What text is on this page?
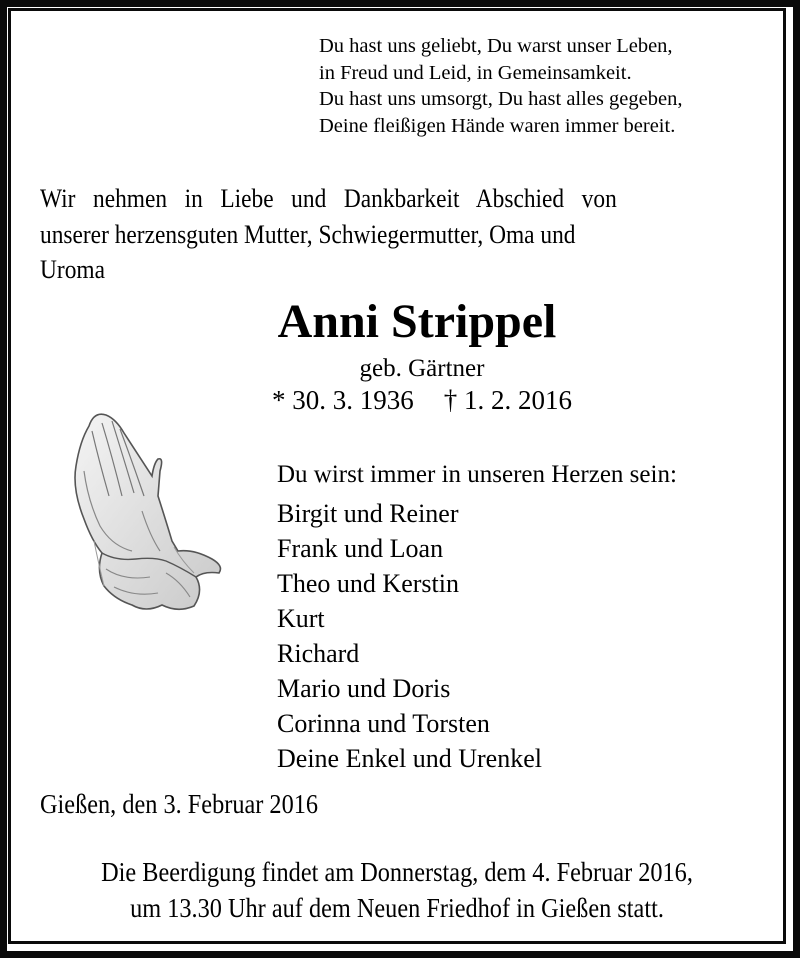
Du hast uns geliebt, Du warst unser Leben,
in Freud und Leid, in Gemeinsamkeit.
Du hast uns umsorgt, Du hast alles gegeben,
Deine fleißigen Hände waren immer bereit.
Wir nehmen in Liebe und Dankbarkeit Abschied von
unserer herzensguten Mutter, Schwiegermutter, Oma und
Uroma
Anni Strippel
geb. Gärtner
* 30. 3. 1936 † 1. 2. 2016
Du wirst immer in unseren Herzen sein:
Birgit und Reiner
Frank und Loan
Theo und Kerstin
Kurt
Richard
Mario und Doris
Corinna und Torsten
Deine Enkel und Urenkel
Gießen, den 3. Februar 2016
Die Beerdigung findet am Donnerstag, dem 4. Februar 2016,
um 13.30 Uhr auf dem Neuen Friedhof in Gießen statt.
